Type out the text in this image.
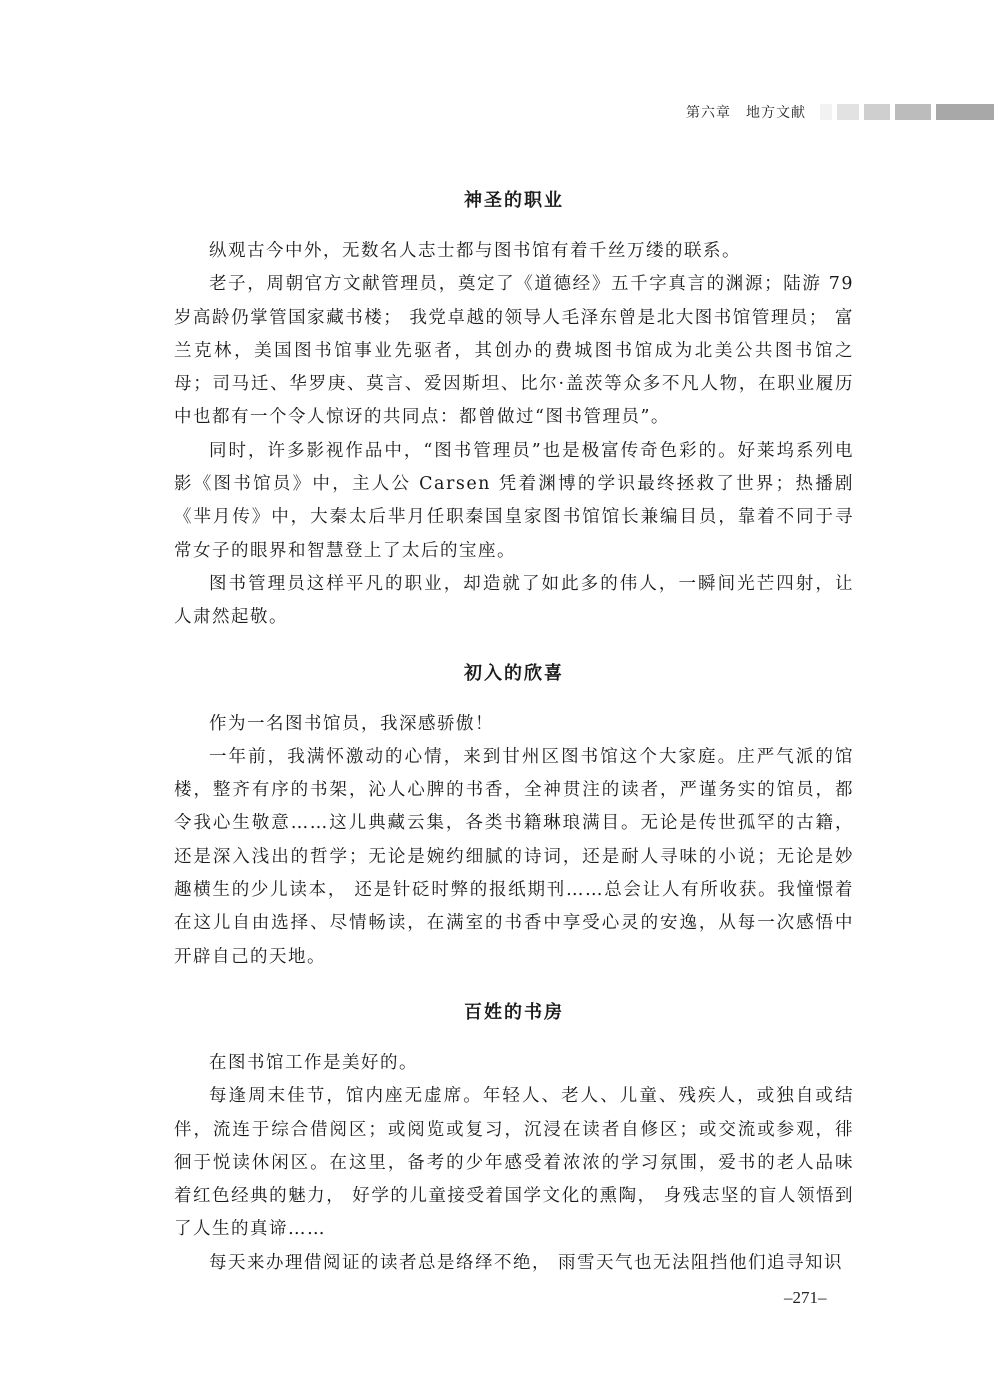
第六章　地方文献
神圣的职业

纵观古今中外，无数名人志士都与图书馆有着千丝万缕的联系。

老子，周朝官方文献管理员，奠定了《道德经》五千字真言的渊源；陆游 79 岁高龄仍掌管国家藏书楼； 我党卓越的领导人毛泽东曾是北大图书馆管理员； 富兰克林，美国图书馆事业先驱者，其创办的费城图书馆成为北美公共图书馆之母；司马迁、华罗庚、莫言、爱因斯坦、比尔·盖茨等众多不凡人物，在职业履历中也都有一个令人惊讶的共同点：都曾做过“图书管理员”。

同时，许多影视作品中，“图书管理员”也是极富传奇色彩的。好莱坞系列电影《图书馆员》中，主人公 Carsen 凭着渊博的学识最终拯救了世界；热播剧《芈月传》中，大秦太后芈月任职秦国皇家图书馆馆长兼编目员，靠着不同于寻常女子的眼界和智慧登上了太后的宝座。

图书管理员这样平凡的职业，却造就了如此多的伟人，一瞬间光芒四射，让人肃然起敬。

初入的欣喜

作为一名图书馆员，我深感骄傲！

一年前，我满怀激动的心情，来到甘州区图书馆这个大家庭。庄严气派的馆楼，整齐有序的书架，沁人心脾的书香，全神贯注的读者，严谨务实的馆员，都令我心生敬意……这儿典藏云集，各类书籍琳琅满目。无论是传世孤罕的古籍，还是深入浅出的哲学；无论是婉约细腻的诗词，还是耐人寻味的小说；无论是妙趣横生的少儿读本， 还是针砭时弊的报纸期刊……总会让人有所收获。我憧憬着在这儿自由选择、尽情畅读，在满室的书香中享受心灵的安逸，从每一次感悟中开辟自己的天地。

百姓的书房

在图书馆工作是美好的。

每逢周末佳节，馆内座无虚席。年轻人、老人、儿童、残疾人，或独自或结伴，流连于综合借阅区；或阅览或复习，沉浸在读者自修区；或交流或参观，徘徊于悦读休闲区。在这里，备考的少年感受着浓浓的学习氛围，爱书的老人品味着红色经典的魅力， 好学的儿童接受着国学文化的熏陶， 身残志坚的盲人领悟到了人生的真谛……

每天来办理借阅证的读者总是络绎不绝， 雨雪天气也无法阻挡他们追寻知识

–271–
